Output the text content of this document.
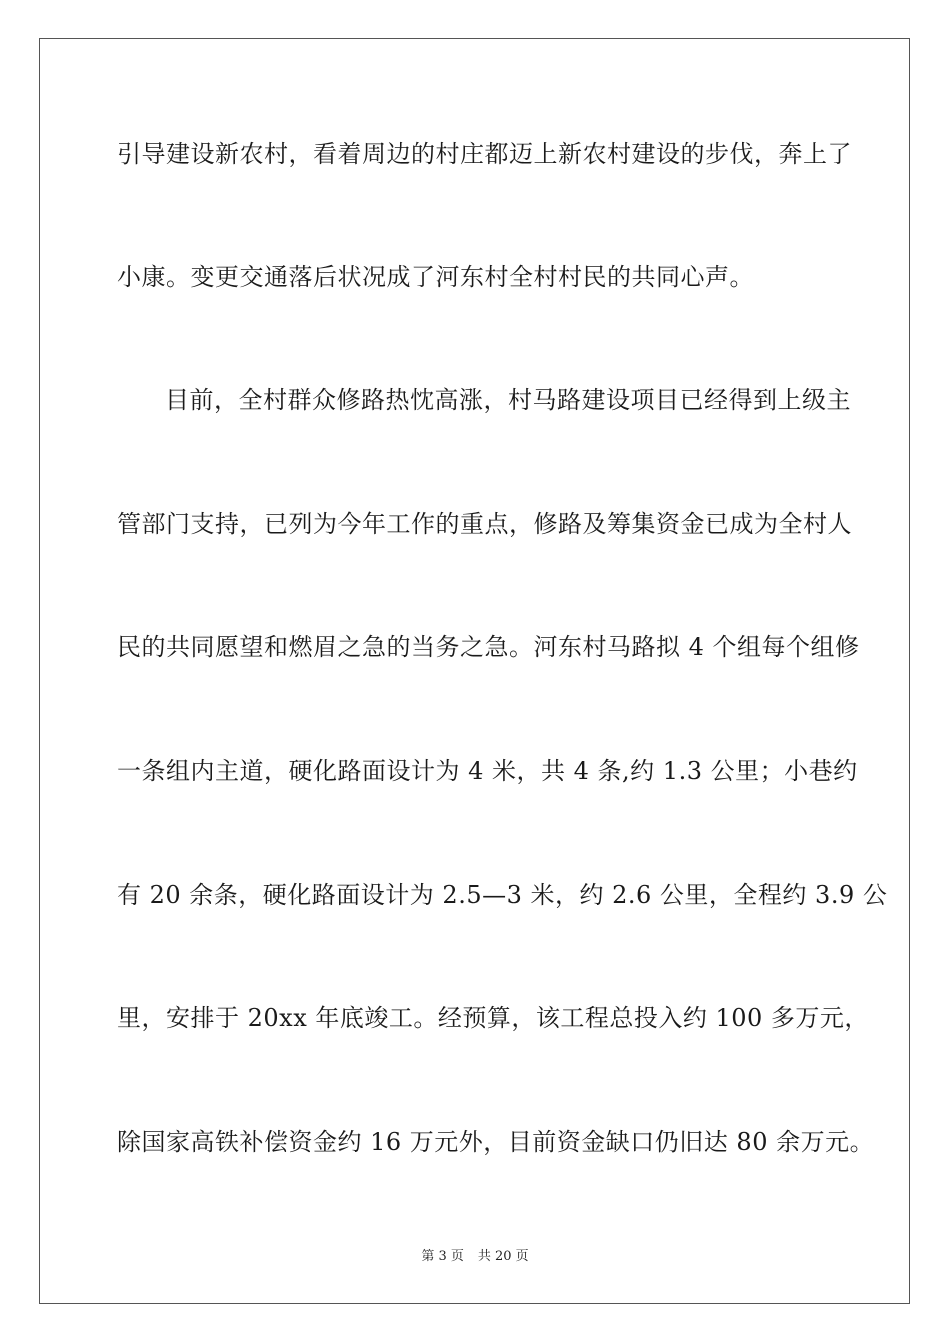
引导建设新农村，看着周边的村庄都迈上新农村建设的步伐，奔上了
小康。变更交通落后状况成了河东村全村村民的共同心声。
目前，全村群众修路热忱高涨，村马路建设项目已经得到上级主
管部门支持，已列为今年工作的重点，修路及筹集资金已成为全村人
民的共同愿望和燃眉之急的当务之急。河东村马路拟 4 个组每个组修
一条组内主道，硬化路面设计为 4 米，共 4 条,约 1.3 公里；小巷约
有 20 余条，硬化路面设计为 2.5—3 米，约 2.6 公里，全程约 3.9 公
里，安排于 20xx 年底竣工。经预算，该工程总投入约 100 多万元，
除国家高铁补偿资金约 16 万元外，目前资金缺口仍旧达 80 余万元。
第 3 页 共 20 页
